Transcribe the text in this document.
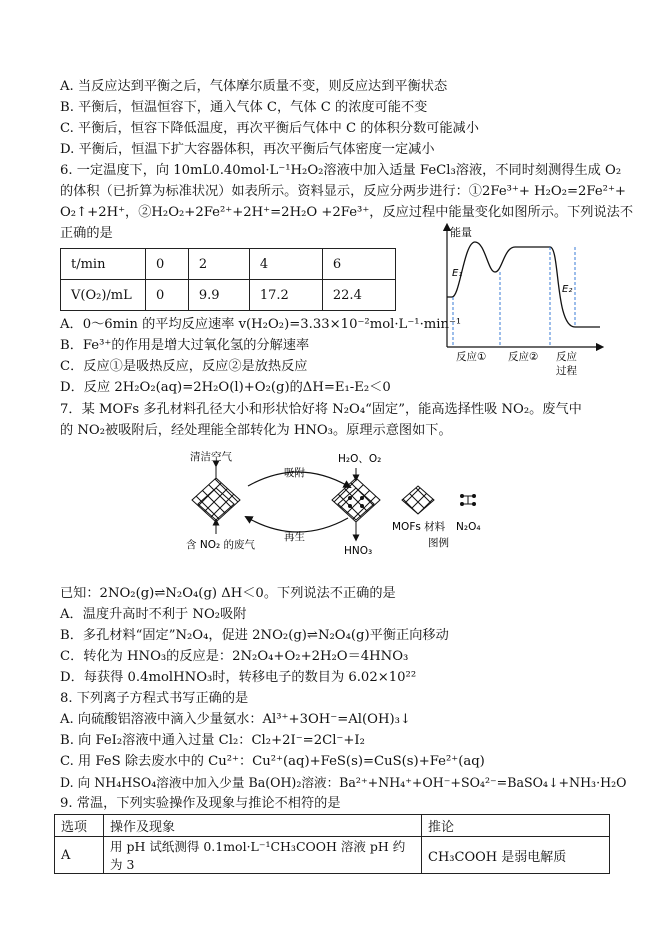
A. 当反应达到平衡之后，气体摩尔质量不变，则反应达到平衡状态
B. 平衡后，恒温恒容下，通入气体 C，气体 C 的浓度可能不变
C. 平衡后，恒容下降低温度，再次平衡后气体中 C 的体积分数可能减小
D. 平衡后，恒温下扩大容器体积，再次平衡后气体密度一定减小
6. 一定温度下，向 10mL0.40mol·L⁻¹H₂O₂溶液中加入适量 FeCl₃溶液，不同时刻测得生成 O₂
的体积（已折算为标准状况）如表所示。资料显示，反应分两步进行：①2Fe³⁺+ H₂O₂=2Fe²⁺+
O₂↑+2H⁺，②H₂O₂+2Fe²⁺+2H⁺=2H₂O +2Fe³⁺，反应过程中能量变化如图所示。下列说法不
正确的是
t/min	0	2	4	6
V(O₂)/mL	0	9.9	17.2	22.4
能量
E₁
E₂
反应① 反应② 反应
过程
A．0～6min 的平均反应速率 v(H₂O₂)=3.33×10⁻²mol·L⁻¹·min⁻¹
B．Fe³⁺的作用是增大过氧化氢的分解速率
C．反应①是吸热反应，反应②是放热反应
D．反应 2H₂O₂(aq)=2H₂O(l)+O₂(g)的ΔH=E₁-E₂＜0
7．某 MOFs 多孔材料孔径大小和形状恰好将 N₂O₄“固定”，能高选择性吸 NO₂。废气中
的 NO₂被吸附后，经处理能全部转化为 HNO₃。原理示意图如下。
清洁空气
含 NO₂ 的废气
吸附
再生
H₂O、O₂
HNO₃
MOFs 材料 N₂O₄
图例
已知：2NO₂(g)⇌N₂O₄(g) ΔH＜0。下列说法不正确的是
A．温度升高时不利于 NO₂吸附
B．多孔材料“固定”N₂O₄，促进 2NO₂(g)⇌N₂O₄(g)平衡正向移动
C．转化为 HNO₃的反应是：2N₂O₄+O₂+2H₂O＝4HNO₃
D．每获得 0.4molHNO₃时，转移电子的数目为 6.02×10²²
8. 下列离子方程式书写正确的是
A. 向硫酸铝溶液中滴入少量氨水：Al³⁺+3OH⁻=Al(OH)₃↓
B. 向 FeI₂溶液中通入过量 Cl₂：Cl₂+2I⁻=2Cl⁻+I₂
C. 用 FeS 除去废水中的 Cu²⁺：Cu²⁺(aq)+FeS(s)=CuS(s)+Fe²⁺(aq)
D. 向 NH₄HSO₄溶液中加入少量 Ba(OH)₂溶液：Ba²⁺+NH₄⁺+OH⁻+SO₄²⁻=BaSO₄↓+NH₃·H₂O
9. 常温，下列实验操作及现象与推论不相符的是
选项	操作及现象	推论
A	用 pH 试纸测得 0.1mol·L⁻¹CH₃COOH 溶液 pH 约为 3	CH₃COOH 是弱电解质
